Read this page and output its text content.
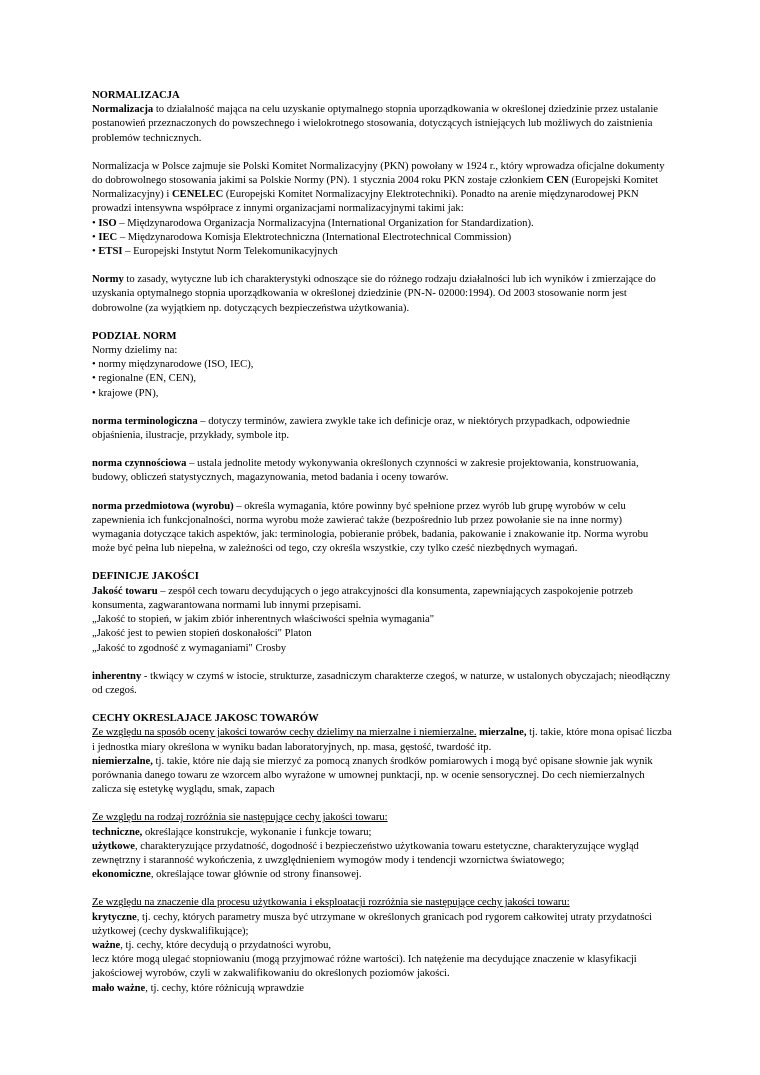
NORMALIZACJA

Normalizacja to działalność mająca na celu uzyskanie optymalnego stopnia uporządkowania w określonej dziedzinie przez ustalanie postanowień przeznaczonych do powszechnego i wielokrotnego stosowania, dotyczących istniejących lub możliwych do zaistnienia

problemów technicznych.

Normalizacja w Polsce zajmuje sie Polski Komitet Normalizacyjny (PKN) powołany w 1924 r., który wprowadza oficjalne dokumenty do dobrowolnego stosowania jakimi sa Polskie Normy (PN). 1 stycznia 2004 roku PKN zostaje członkiem CEN (Europejski Komitet Normalizacyjny) i CENELEC (Europejski Komitet Normalizacyjny Elektrotechniki). Ponadto na arenie międzynarodowej PKN prowadzi intensywna współprace z innymi organizacjami normalizacyjnymi takimi jak:

• ISO – Międzynarodowa Organizacja Normalizacyjna (International Organization for Standardization).

• IEC – Międzynarodowa Komisja Elektrotechniczna (International Electrotechnical Commission)

• ETSI – Europejski Instytut Norm Telekomunikacyjnych

Normy to zasady, wytyczne lub ich charakterystyki odnoszące sie do różnego rodzaju działalności lub ich wyników i zmierzające do uzyskania optymalnego stopnia uporządkowania w określonej dziedzinie (PN-N- 02000:1994). Od 2003 stosowanie norm jest dobrowolne (za wyjątkiem np. dotyczących bezpieczeństwa użytkowania).

PODZIAŁ NORM

Normy dzielimy na:

• normy międzynarodowe (ISO, IEC),

• regionalne (EN, CEN),

• krajowe (PN),

norma terminologiczna – dotyczy terminów, zawiera zwykle take ich definicje oraz, w niektórych przypadkach, odpowiednie objaśnienia, ilustracje, przykłady, symbole itp.

norma czynnościowa – ustala jednolite metody wykonywania określonych czynności w zakresie projektowania, konstruowania, budowy, obliczeń statystycznych, magazynowania, metod badania i oceny towarów.

norma przedmiotowa (wyrobu) – określa wymagania, które powinny być spełnione przez wyrób lub grupę wyrobów w celu zapewnienia ich funkcjonalności, norma wyrobu może zawierać także (bezpośrednio lub przez powołanie sie na inne normy) wymagania dotyczące takich aspektów, jak: terminologia, pobieranie próbek, badania, pakowanie i znakowanie itp. Norma wyrobu może być pełna lub niepełna, w zależności od tego, czy określa wszystkie, czy tylko cześć niezbędnych wymagań.

DEFINICJE JAKOŚCI

Jakość towaru – zespół cech towaru decydujących o jego atrakcyjności dla konsumenta, zapewniających zaspokojenie potrzeb konsumenta, zagwarantowana normami lub innymi przepisami.

„Jakość to stopień, w jakim zbiór inherentnych właściwości spełnia wymagania"

„Jakość jest to pewien stopień doskonałości" Platon

„Jakość to zgodność z wymaganiami" Crosby

inherentny - tkwiący w czymś w istocie, strukturze, zasadniczym charakterze czegoś, w naturze, w ustalonych obyczajach; nieodłączny od czegoś.

CECHY OKRESLAJACE JAKOSC TOWARÓW

Ze względu na sposób oceny jakości towarów cechy dzielimy na mierzalne i niemierzalne. mierzalne, tj. takie, które mona opisać liczba i jednostka miary określona w wyniku badan laboratoryjnych, np. masa, gęstość, twardość itp.

niemierzalne, tj. takie, które nie dają sie mierzyć za pomocą znanych środków pomiarowych i mogą być opisane słownie jak wynik porównania danego towaru ze wzorcem albo wyrażone w umownej punktacji, np. w ocenie sensorycznej. Do cech niemierzalnych zalicza się estetykę wyglądu, smak, zapach

Ze względu na rodzaj rozróżnia sie następujące cechy jakości towaru:

techniczne, określające konstrukcje, wykonanie i funkcje towaru;

użytkowe, charakteryzujące przydatność, dogodność i bezpieczeństwo użytkowania towaru estetyczne, charakteryzujące wygląd zewnętrzny i staranność wykończenia, z uwzględnieniem wymogów mody i tendencji wzornictwa światowego;

ekonomiczne, określające towar głównie od strony finansowej.

Ze względu na znaczenie dla procesu użytkowania i eksploatacji rozróżnia sie następujące cechy jakości towaru:

krytyczne, tj. cechy, których parametry musza być utrzymane w określonych granicach pod rygorem całkowitej utraty przydatności użytkowej (cechy dyskwalifikujące);

ważne, tj. cechy, które decydują o przydatności wyrobu,

lecz które mogą ulegać stopniowaniu (mogą przyjmować różne wartości). Ich natężenie ma decydujące znaczenie w klasyfikacji jakościowej wyrobów, czyli w zakwalifikowaniu do określonych poziomów jakości.

mało ważne, tj. cechy, które różnicują wprawdzie
